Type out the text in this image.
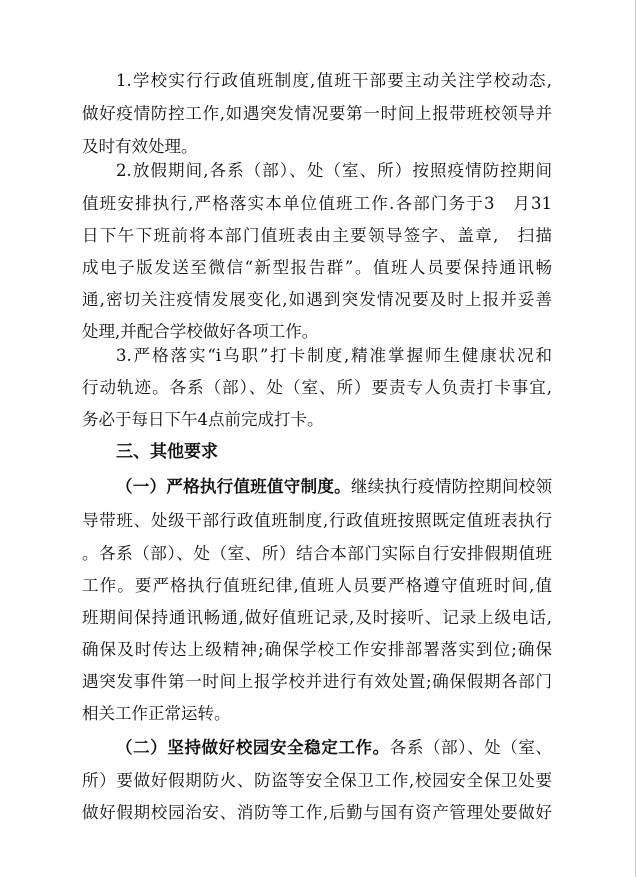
1.学校实行行政值班制度,值班干部要主动关注学校动态,
做好疫情防控工作,如遇突发情况要第一时间上报带班校领导并
及时有效处理。
2.放假期间,各系（部）、处（室、所）按照疫情防控期间
值班安排执行,严格落实本单位值班工作.各部门务于3　月31
日下午下班前将本部门值班表由主要领导签字、盖章,　扫描
成电子版发送至微信“新型报告群”。值班人员要保持通讯畅
通,密切关注疫情发展变化,如遇到突发情况要及时上报并妥善
处理,并配合学校做好各项工作。
3.严格落实“i乌职”打卡制度,精准掌握师生健康状况和
行动轨迹。各系（部）、处（室、所）要责专人负责打卡事宜,
务必于每日下午4点前完成打卡。
三、其他要求
（一）严格执行值班值守制度。继续执行疫情防控期间校领
导带班、处级干部行政值班制度,行政值班按照既定值班表执行
。各系（部）、处（室、所）结合本部门实际自行安排假期值班
工作。要严格执行值班纪律,值班人员要严格遵守值班时间,值
班期间保持通讯畅通,做好值班记录,及时接听、记录上级电话,
确保及时传达上级精神;确保学校工作安排部署落实到位;确保
遇突发事件第一时间上报学校并进行有效处置;确保假期各部门
相关工作正常运转。
（二）坚持做好校园安全稳定工作。各系（部）、处（室、
所）要做好假期防火、防盗等安全保卫工作,校园安全保卫处要
做好假期校园治安、消防等工作,后勤与国有资产管理处要做好
